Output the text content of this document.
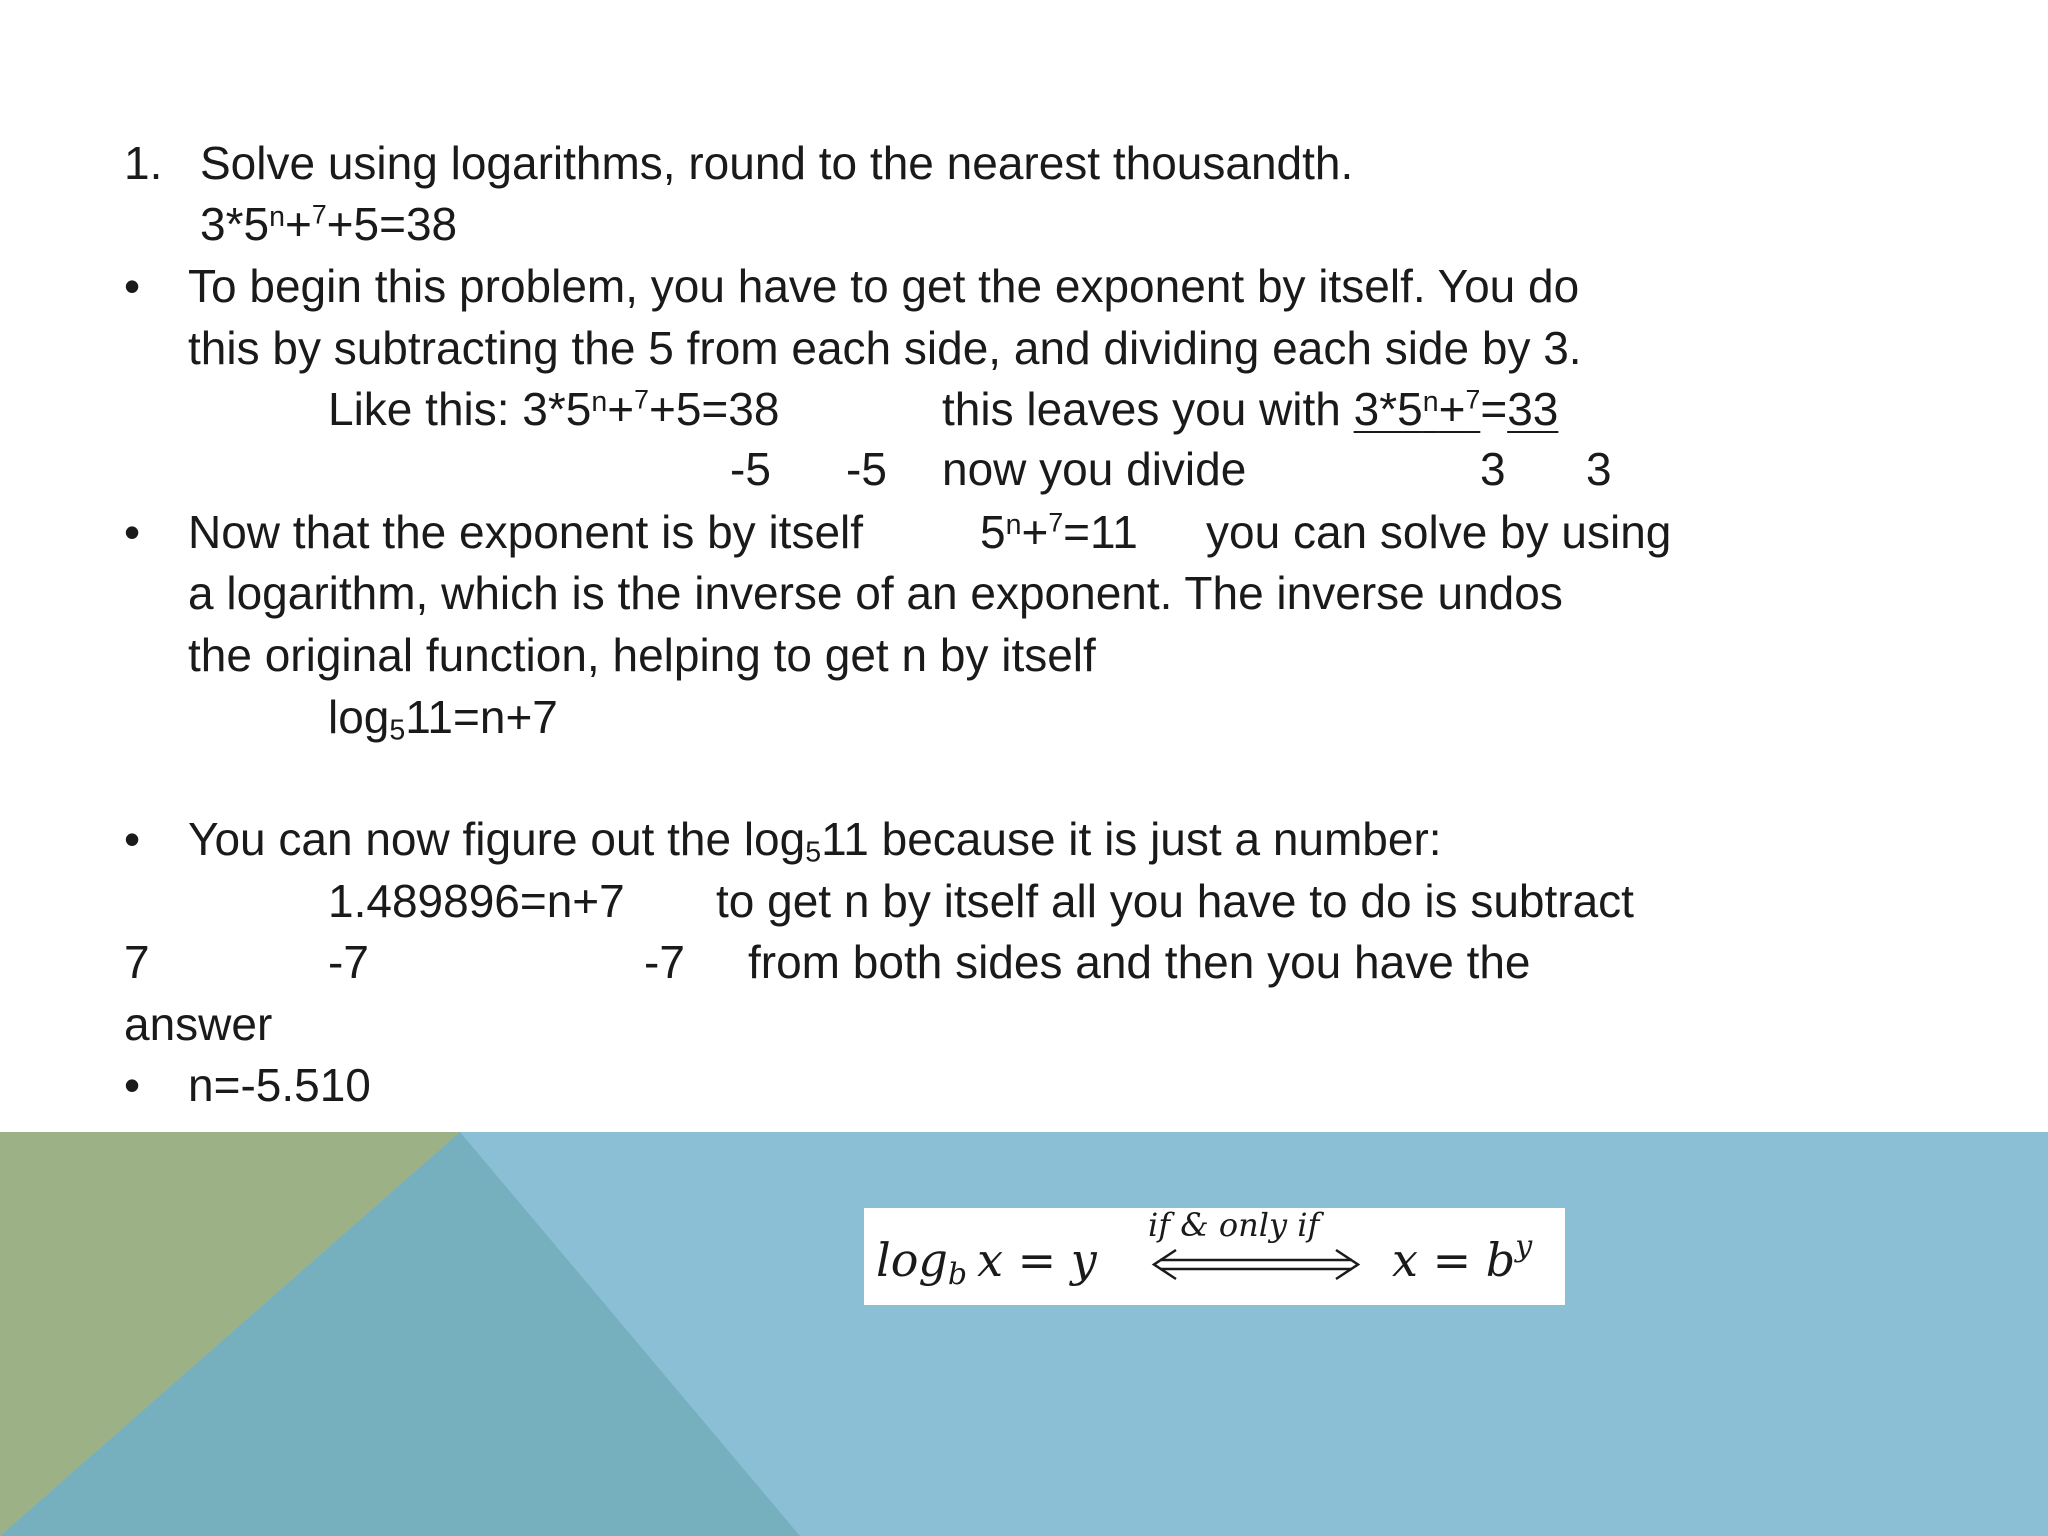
1. Solve using logarithms, round to the nearest thousandth.
$3*5^n+^7+5=38$
• To begin this problem, you have to get the exponent by itself. You do
this by subtracting the 5 from each side, and dividing each side by 3.
Like this: $3*5^n+^7+5=38$	this leaves you with $3*5^n+^7=33$
-5 -5 now you divide	3 3
• Now that the exponent is by itself	$5^n+^7=11$ you can solve by using
a logarithm, which is the inverse of an exponent. The inverse undos
the original function, helping to get n by itself
$\log_511=n+7$
• You can now figure out the $\log_511$ because it is just a number:
1.489896=n+7 to get n by itself all you have to do is subtract
7	-7	-7 from both sides and then you have the
answer
• n=-5.510
logb x = y
if & only if
$x = b^y$
